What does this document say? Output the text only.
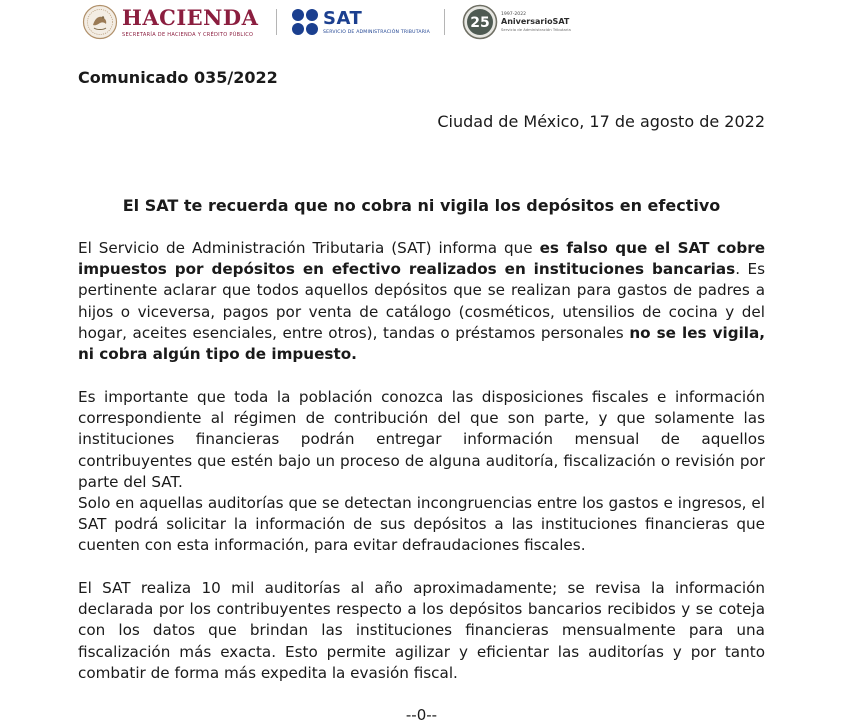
HACIENDA
SECRETARÍA DE HACIENDA Y CRÉDITO PÚBLICO
SAT
SERVICIO DE ADMINISTRACIÓN TRIBUTARIA
25
1997-2022
AniversarioSAT
Servicio de Administración Tributaria
Comunicado 035/2022
Ciudad de México, 17 de agosto de 2022
El SAT te recuerda que no cobra ni vigila los depósitos en efectivo

El Servicio de Administración Tributaria (SAT) informa que es falso que el SAT cobre impuestos por depósitos en efectivo realizados en instituciones bancarias. Es pertinente aclarar que todos aquellos depósitos que se realizan para gastos de padres a hijos o viceversa, pagos por venta de catálogo (cosméticos, utensilios de cocina y del hogar, aceites esenciales, entre otros), tandas o préstamos personales no se les vigila, ni cobra algún tipo de impuesto.

Es importante que toda la población conozca las disposiciones fiscales e información correspondiente al régimen de contribución del que son parte, y que solamente las instituciones financieras podrán entregar información mensual de aquellos contribuyentes que estén bajo un proceso de alguna auditoría, fiscalización o revisión por parte del SAT.

Solo en aquellas auditorías que se detectan incongruencias entre los gastos e ingresos, el SAT podrá solicitar la información de sus depósitos a las instituciones financieras que cuenten con esta información, para evitar defraudaciones fiscales.

El SAT realiza 10 mil auditorías al año aproximadamente; se revisa la información declarada por los contribuyentes respecto a los depósitos bancarios recibidos y se coteja con los datos que brindan las instituciones financieras mensualmente para una fiscalización más exacta. Esto permite agilizar y eficientar las auditorías y por tanto combatir de forma más expedita la evasión fiscal.

--0--
